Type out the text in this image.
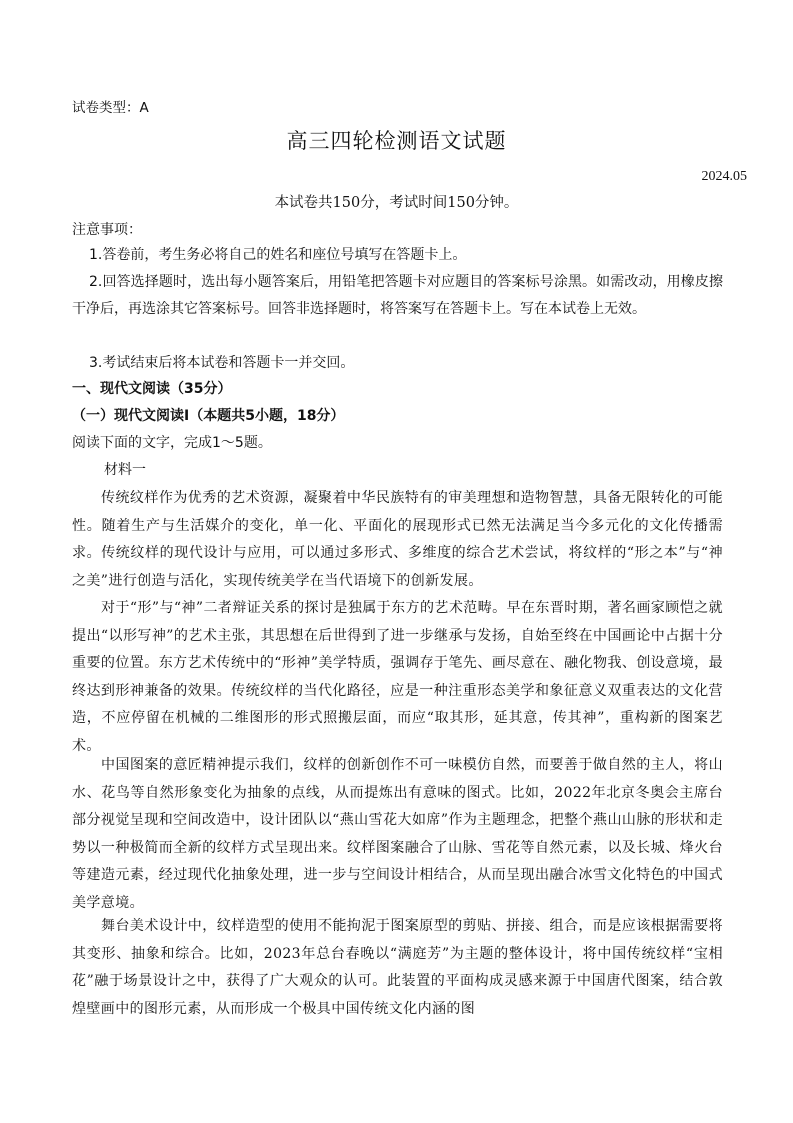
试卷类型：A
高三四轮检测语文试题
2024.05
本试卷共150分，考试时间150分钟。
注意事项：
1.答卷前，考生务必将自己的姓名和座位号填写在答题卡上。
2.回答选择题时，选出每小题答案后，用铅笔把答题卡对应题目的答案标号涂黑。如需改动，用橡皮擦干净后，再选涂其它答案标号。回答非选择题时，将答案写在答题卡上。写在本试卷上无效。
3.考试结束后将本试卷和答题卡一并交回。
一、现代文阅读（35分）
（一）现代文阅读Ⅰ（本题共5小题，18分）
阅读下面的文字，完成1～5题。
材料一
传统纹样作为优秀的艺术资源，凝聚着中华民族特有的审美理想和造物智慧，具备无限转化的可能性。随着生产与生活媒介的变化，单一化、平面化的展现形式已然无法满足当今多元化的文化传播需求。传统纹样的现代设计与应用，可以通过多形式、多维度的综合艺术尝试，将纹样的“形之本”与“神之美”进行创造与活化，实现传统美学在当代语境下的创新发展。
对于“形”与“神”二者辩证关系的探讨是独属于东方的艺术范畴。早在东晋时期，著名画家顾恺之就提出“以形写神”的艺术主张，其思想在后世得到了进一步继承与发扬，自始至终在中国画论中占据十分重要的位置。东方艺术传统中的“形神”美学特质，强调存于笔先、画尽意在、融化物我、创设意境，最终达到形神兼备的效果。传统纹样的当代化路径，应是一种注重形态美学和象征意义双重表达的文化营造，不应停留在机械的二维图形的形式照搬层面，而应“取其形，延其意，传其神”，重构新的图案艺术。
中国图案的意匠精神提示我们，纹样的创新创作不可一味模仿自然，而要善于做自然的主人，将山水、花鸟等自然形象变化为抽象的点线，从而提炼出有意味的图式。比如，2022年北京冬奥会主席台部分视觉呈现和空间改造中，设计团队以“燕山雪花大如席”作为主题理念，把整个燕山山脉的形状和走势以一种极简而全新的纹样方式呈现出来。纹样图案融合了山脉、雪花等自然元素，以及长城、烽火台等建造元素，经过现代化抽象处理，进一步与空间设计相结合，从而呈现出融合冰雪文化特色的中国式美学意境。
舞台美术设计中，纹样造型的使用不能拘泥于图案原型的剪贴、拼接、组合，而是应该根据需要将其变形、抽象和综合。比如，2023年总台春晚以“满庭芳”为主题的整体设计，将中国传统纹样“宝相花”融于场景设计之中，获得了广大观众的认可。此装置的平面构成灵感来源于中国唐代图案，结合敦煌壁画中的图形元素，从而形成一个极具中国传统文化内涵的图
